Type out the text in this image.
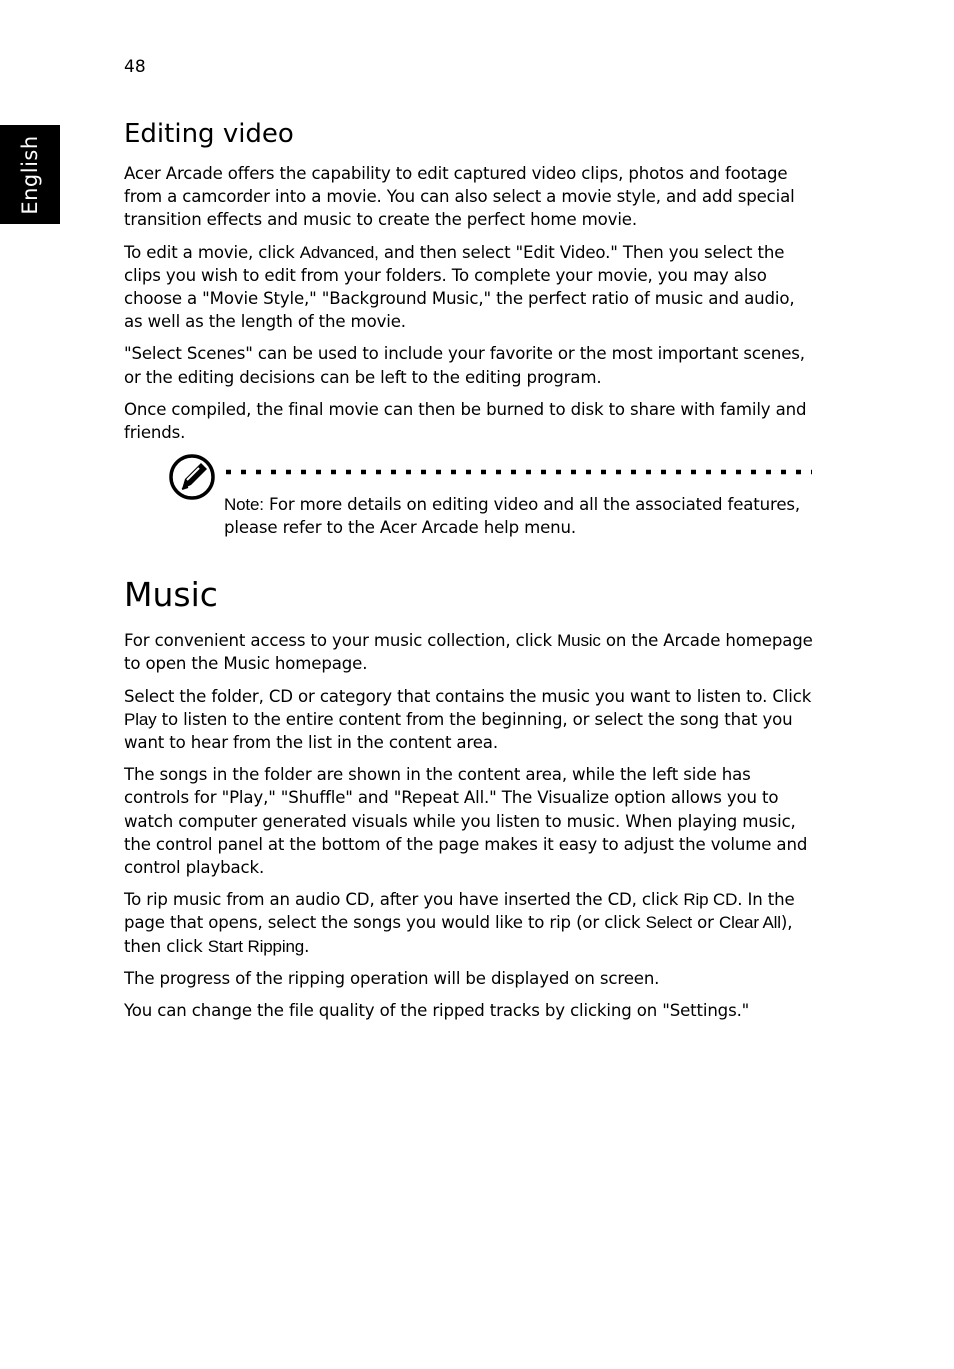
48
English
Editing video

Acer Arcade offers the capability to edit captured video clips, photos and footage from a camcorder into a movie. You can also select a movie style, and add special transition effects and music to create the perfect home movie.

To edit a movie, click Advanced, and then select "Edit Video." Then you select the clips you wish to edit from your folders. To complete your movie, you may also choose a "Movie Style," "Background Music," the perfect ratio of music and audio, as well as the length of the movie.

"Select Scenes" can be used to include your favorite or the most important scenes, or the editing decisions can be left to the editing program.

Once compiled, the final movie can then be burned to disk to share with family and friends.

Note: For more details on editing video and all the associated features, please refer to the Acer Arcade help menu.

Music

For convenient access to your music collection, click Music on the Arcade homepage to open the Music homepage.

Select the folder, CD or category that contains the music you want to listen to. Click Play to listen to the entire content from the beginning, or select the song that you want to hear from the list in the content area.

The songs in the folder are shown in the content area, while the left side has controls for "Play," "Shuffle" and "Repeat All." The Visualize option allows you to watch computer generated visuals while you listen to music. When playing music, the control panel at the bottom of the page makes it easy to adjust the volume and control playback.

To rip music from an audio CD, after you have inserted the CD, click Rip CD. In the page that opens, select the songs you would like to rip (or click Select or Clear All), then click Start Ripping.

The progress of the ripping operation will be displayed on screen.

You can change the file quality of the ripped tracks by clicking on "Settings."
